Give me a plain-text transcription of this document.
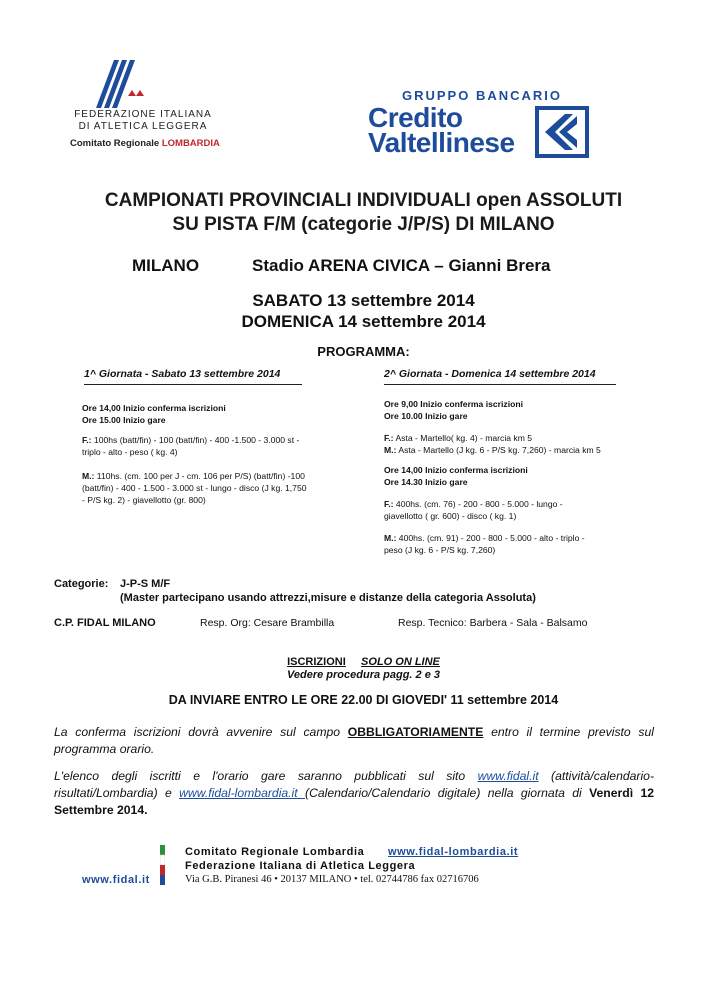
FEDERAZIONE ITALIANA
DI ATLETICA LEGGERA
Comitato Regionale LOMBARDIA
GRUPPO BANCARIO
Credito
Valtellinese
CAMPIONATI PROVINCIALI INDIVIDUALI open ASSOLUTI
SU PISTA F/M (categorie J/P/S) DI MILANO
MILANO	Stadio ARENA CIVICA – Gianni Brera
SABATO 13 settembre 2014
DOMENICA 14 settembre 2014
PROGRAMMA:
1^ Giornata - Sabato 13 settembre 2014
Ore 14,00 Inizio conferma iscrizioni
Ore 15.00 Inizio gare
F.: 100hs (batt/fin) - 100 (batt/fin) - 400 -1.500 - 3.000 st -
triplo - alto - peso ( kg. 4)
M.: 110hs. (cm. 100 per J - cm. 106 per P/S) (batt/fin) -100
(batt/fin) - 400 - 1.500 - 3.000 st - lungo - disco (J kg. 1,750
- P/S kg. 2) - giavellotto (gr. 800)
2^ Giornata - Domenica 14 settembre 2014
Ore 9,00 Inizio conferma iscrizioni
Ore 10.00 Inizio gare
F.: Asta - Martello( kg. 4) - marcia km 5
M.: Asta - Martello (J kg. 6 - P/S kg. 7,260) - marcia km 5
Ore 14,00 Inizio conferma iscrizioni
Ore 14.30 Inizio gare
F.: 400hs. (cm. 76) - 200 - 800 - 5.000 - lungo -
giavellotto ( gr. 600) - disco ( kg. 1)
M.: 400hs. (cm. 91) - 200 - 800 - 5.000 - alto - triplo -
peso (J kg. 6 - P/S kg. 7,260)
Categorie: J-P-S M/F
(Master partecipano usando attrezzi,misure e distanze della categoria Assoluta)
C.P. FIDAL MILANO	Resp. Org: Cesare Brambilla	Resp. Tecnico: Barbera - Sala - Balsamo
ISCRIZIONI SOLO ON LINE
Vedere procedura pagg. 2 e 3
DA INVIARE ENTRO LE ORE 22.00 DI GIOVEDI' 11 settembre 2014
La conferma iscrizioni dovrà avvenire sul campo OBBLIGATORIAMENTE entro il termine previsto sul programma orario.
L'elenco degli iscritti e l'orario gare saranno pubblicati sul sito www.fidal.it (attività/calendario-risultati/Lombardia) e www.fidal-lombardia.it (Calendario/Calendario digitale) nella giornata di Venerdì 12 Settembre 2014.
Comitato Regionale Lombardia www.fidal-lombardia.it
Federazione Italiana di Atletica Leggera
www.fidal.it	Via G.B. Piranesi 46 • 20137 MILANO • tel. 02744786 fax 02716706
